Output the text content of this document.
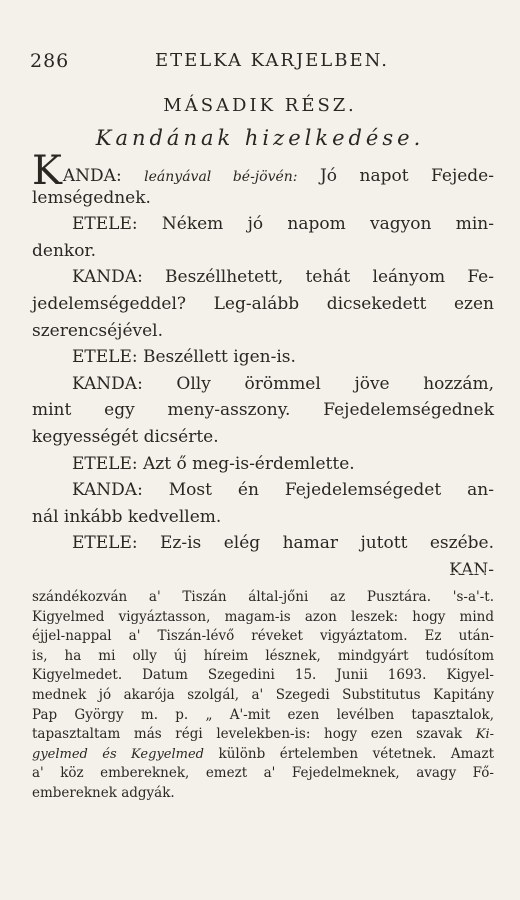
286	ETELKA KARJELBEN.
MÁSADIK RÉSZ.
Kandának hizelkedése.
KANDA: leányával bé-jövén: Jó napot Fejede-
lemségednek.
ETELE: Nékem jó napom vagyon min-
denkor.
KANDA: Beszéllhetett, tehát leányom Fe-
jedelemségeddel? Leg-alább dicsekedett ezen
szerencséjével.
ETELE: Beszéllett igen-is.
KANDA: Olly örömmel jöve hozzám,
mint egy meny-asszony. Fejedelemségednek
kegyességét dicsérte.
ETELE: Azt ő meg-is-érdemlette.
KANDA: Most én Fejedelemségedet an-
nál inkább kedvellem.
ETELE: Ez-is elég hamar jutott eszébe.
KAN-
szándékozván a' Tiszán által-jőni az Pusztára. 's-a'-t.
Kigyelmed vigyáztasson, magam-is azon leszek: hogy mind
éjjel-nappal a' Tiszán-lévő réveket vigyáztatom. Ez után-
is, ha mi olly új híreim lésznek, mindgyárt tudósítom
Kigyelmedet. Datum Szegedini 15. Junii 1693. Kigyel-
mednek jó akarója szolgál, a' Szegedi Substitutus Kapitány
Pap György m. p. „ A'-mit ezen levélben tapasztalok,
tapasztaltam más régi levelekben-is: hogy ezen szavak Ki-
gyelmed és Kegyelmed különb értelemben vétetnek. Amazt
a' köz embereknek, emezt a' Fejedelmeknek, avagy Fő-
embereknek adgyák.
